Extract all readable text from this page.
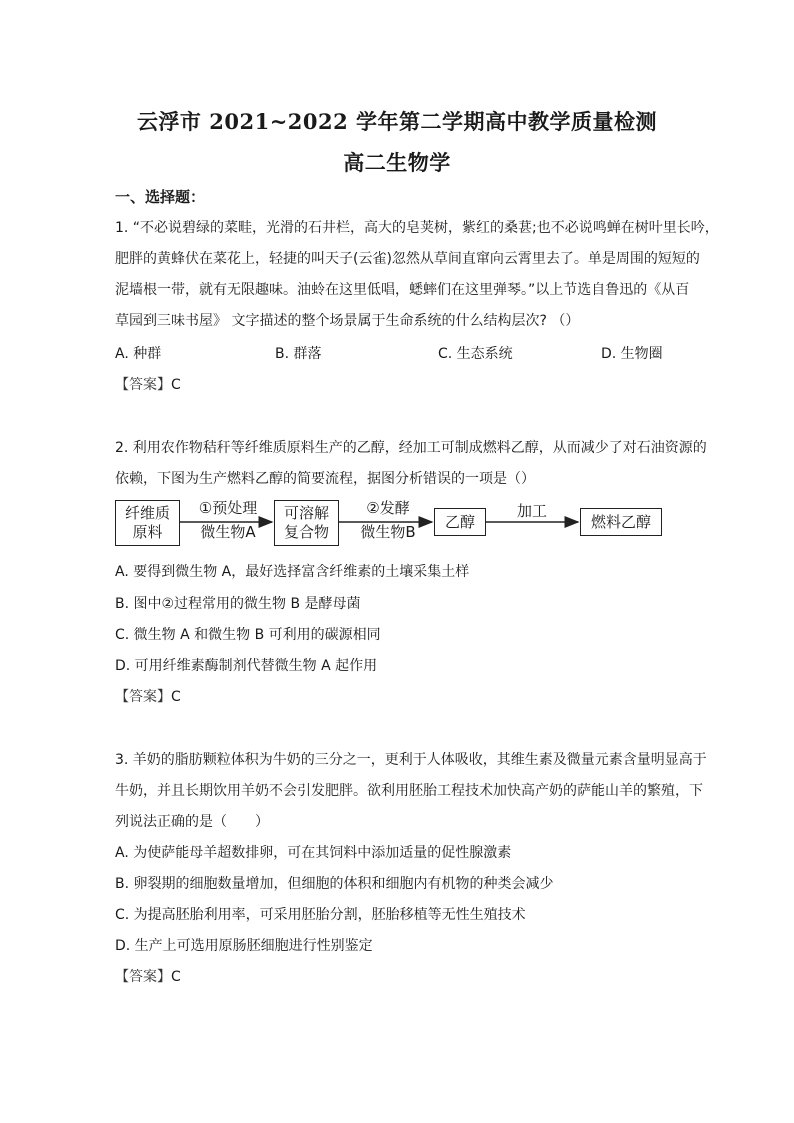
云浮市 2021~2022 学年第二学期高中教学质量检测
高二生物学
一、选择题：
1. “不必说碧绿的菜畦，光滑的石井栏，高大的皂荚树，紫红的桑葚;也不必说鸣蝉在树叶里长吟，
肥胖的黄蜂伏在菜花上，轻捷的叫天子(云雀)忽然从草间直窜向云霄里去了。单是周围的短短的
泥墙根一带，就有无限趣味。油蛉在这里低唱，蟋蟀们在这里弹琴。”以上节选自鲁迅的《从百
草园到三味书屋》 文字描述的整个场景属于生命系统的什么结构层次? （）
A. 种群	B. 群落	C. 生态系统	D. 生物圈
【答案】C
2. 利用农作物秸秆等纤维质原料生产的乙醇，经加工可制成燃料乙醇，从而减少了对石油资源的
依赖，下图为生产燃料乙醇的简要流程，据图分析错误的一项是（）
纤维质
原料
①预处理
微生物A
可溶解
复合物
②发酵
微生物B
乙醇
加工
燃料乙醇
A. 要得到微生物 A，最好选择富含纤维素的土壤采集土样
B. 图中②过程常用的微生物 B 是酵母菌
C. 微生物 A 和微生物 B 可利用的碳源相同
D. 可用纤维素酶制剂代替微生物 A 起作用
【答案】C
3. 羊奶的脂肪颗粒体积为牛奶的三分之一，更利于人体吸收，其维生素及微量元素含量明显高于
牛奶，并且长期饮用羊奶不会引发肥胖。欲利用胚胎工程技术加快高产奶的萨能山羊的繁殖，下
列说法正确的是（　　）
A. 为使萨能母羊超数排卵，可在其饲料中添加适量的促性腺激素
B. 卵裂期的细胞数量增加，但细胞的体积和细胞内有机物的种类会减少
C. 为提高胚胎利用率，可采用胚胎分割，胚胎移植等无性生殖技术
D. 生产上可选用原肠胚细胞进行性别鉴定
【答案】C
